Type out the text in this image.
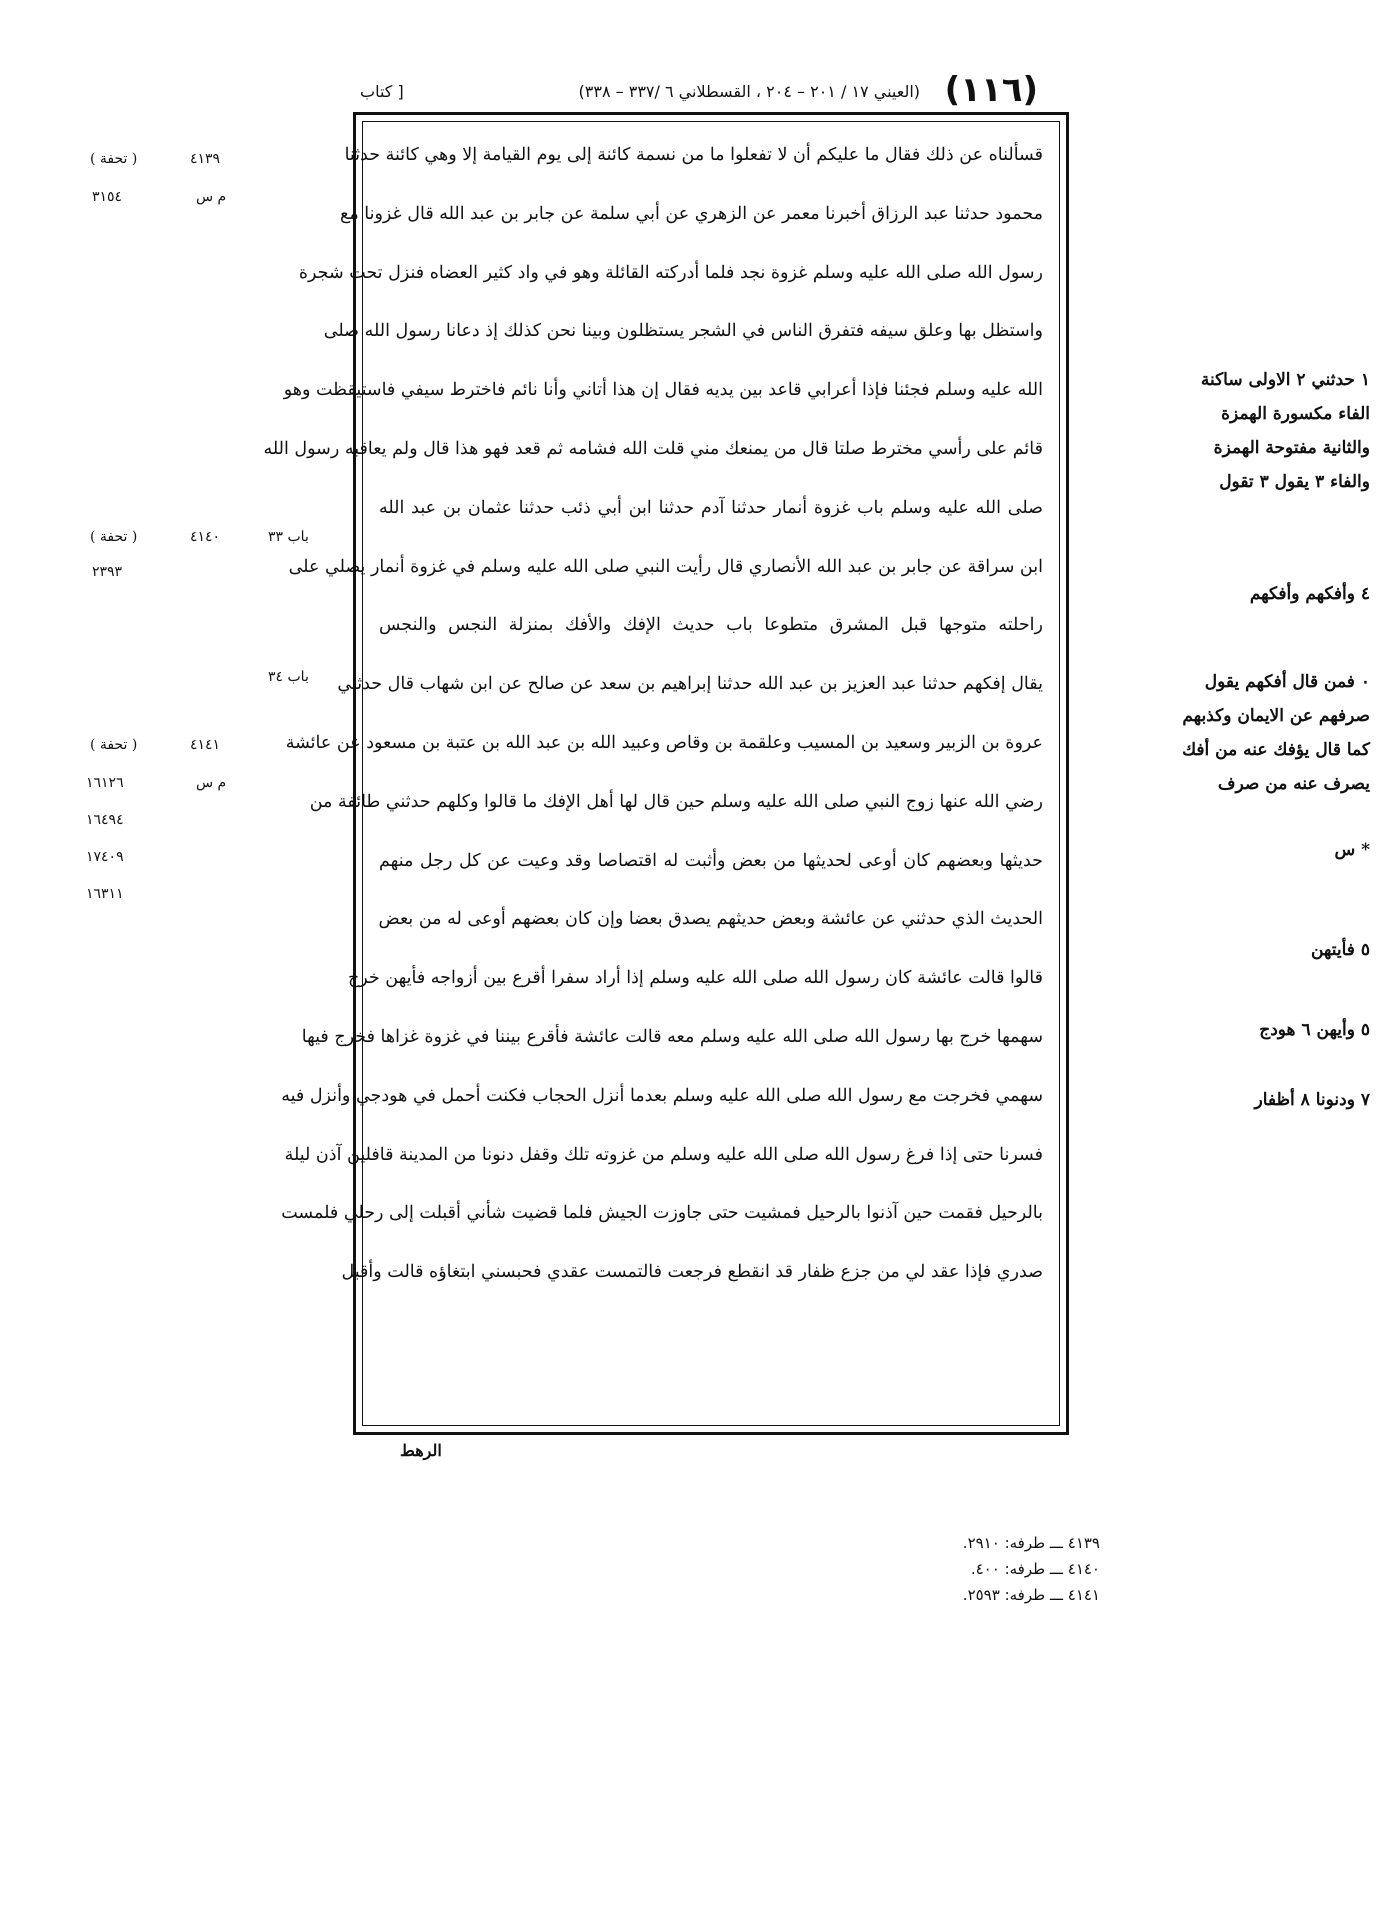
(١١٦)
(العيني ١٧ / ٢٠١ – ٢٠٤ ، القسطلاني ٦ /٣٣٧ – ٣٣٨)
[ كتاب
٤١٣٩
( تحفة )
م س
٣١٥٤
باب ٣٣
٤١٤٠
( تحفة )
٢٣٩٣
باب ٣٤
٤١٤١
( تحفة )
م س
١٦١٢٦
١٦٤٩٤
١٧٤٠٩
١٦٣١١
قسألناه عن ذلك فقال ما عليكم أن لا تفعلوا ما من نسمة كائنة إلى يوم القيامة إلا وهي كائنة حدثنا
محمود حدثنا عبد الرزاق أخبرنا معمر عن الزهري عن أبي سلمة عن جابر بن عبد الله قال غزونا مع
رسول الله صلى الله عليه وسلم غزوة نجد فلما أدركته القائلة وهو في واد كثير العضاه فنزل تحت شجرة
واستظل بها وعلق سيفه فتفرق الناس في الشجر يستظلون وبينا نحن كذلك إذ دعانا رسول الله صلى
الله عليه وسلم فجئنا فإذا أعرابي قاعد بين يديه فقال إن هذا أتاني وأنا نائم فاخترط سيفي فاستيقظت وهو
قائم على رأسي مخترط صلتا قال من يمنعك مني قلت الله فشامه ثم قعد فهو هذا قال ولم يعاقبه رسول الله
صلى الله عليه وسلم باب غزوة أنمار حدثنا آدم حدثنا ابن أبي ذئب حدثنا عثمان بن عبد الله
ابن سراقة عن جابر بن عبد الله الأنصاري قال رأيت النبي صلى الله عليه وسلم في غزوة أنمار يصلي على
راحلته متوجها قبل المشرق متطوعا باب حديث الإفك والأفك بمنزلة النجس والنجس
يقال إفكهم حدثنا عبد العزيز بن عبد الله حدثنا إبراهيم بن سعد عن صالح عن ابن شهاب قال حدثني
عروة بن الزبير وسعيد بن المسيب وعلقمة بن وقاص وعبيد الله بن عبد الله بن عتبة بن مسعود عن عائشة
رضي الله عنها زوج النبي صلى الله عليه وسلم حين قال لها أهل الإفك ما قالوا وكلهم حدثني طائفة من
حديثها وبعضهم كان أوعى لحديثها من بعض وأثبت له اقتصاصا وقد وعيت عن كل رجل منهم
الحديث الذي حدثني عن عائشة وبعض حديثهم يصدق بعضا وإن كان بعضهم أوعى له من بعض
قالوا قالت عائشة كان رسول الله صلى الله عليه وسلم إذا أراد سفرا أقرع بين أزواجه فأيهن خرج
سهمها خرج بها رسول الله صلى الله عليه وسلم معه قالت عائشة فأقرع بيننا في غزوة غزاها فخرج فيها
سهمي فخرجت مع رسول الله صلى الله عليه وسلم بعدما أنزل الحجاب فكنت أحمل في هودجي وأنزل فيه
فسرنا حتى إذا فرغ رسول الله صلى الله عليه وسلم من غزوته تلك وقفل دنونا من المدينة قافلين آذن ليلة
بالرحيل فقمت حين آذنوا بالرحيل فمشيت حتى جاوزت الجيش فلما قضيت شأني أقبلت إلى رحلي فلمست
صدري فإذا عقد لي من جزع ظفار قد انقطع فرجعت فالتمست عقدي فحبسني ابتغاؤه قالت وأقبل
الرهط
١ حدثني ٢ الاولى ساكنة
الفاء مكسورة الهمزة
والثانية مفتوحة الهمزة
والفاء ٣ يقول ٣ تقول
٤ وأفكهم وأفكهم
٠ فمن قال أفكهم يقول
صرفهم عن الايمان وكذبهم
كما قال يؤفك عنه من أفك
يصرف عنه من صرف
* س
٥ فأيتهن
٥ وأيهن ٦ هودج
٧ ودنونا ٨ أظفار
٤١٣٩ ـــ طرفه: ٢٩١٠.
٤١٤٠ ـــ طرفه: ٤٠٠.
٤١٤١ ـــ طرفه: ٢٥٩٣.
